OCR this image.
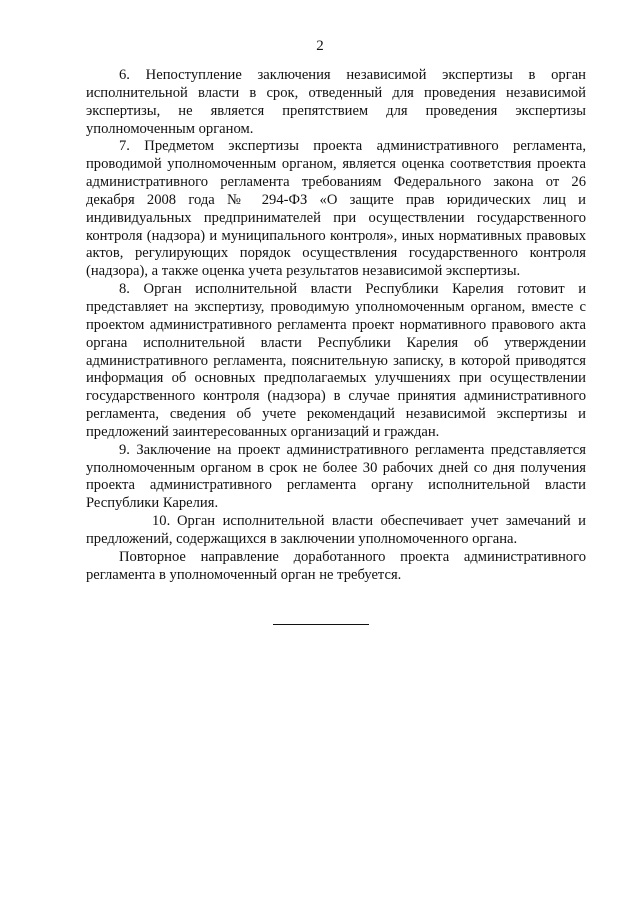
2

6. Непоступление заключения независимой экспертизы в орган исполнительной власти в срок, отведенный для проведения независимой экспертизы, не является препятствием для проведения экспертизы уполномоченным органом.

7. Предметом экспертизы проекта административного регламента, проводимой уполномоченным органом, является оценка соответствия проекта административного регламента требованиям Федерального закона от 26 декабря 2008 года № 294-ФЗ «О защите прав юридических лиц и индивидуальных предпринимателей при осуществлении государственного контроля (надзора) и муниципального контроля», иных нормативных правовых актов, регулирующих порядок осуществления государственного контроля (надзора), а также оценка учета результатов независимой экспертизы.

8. Орган исполнительной власти Республики Карелия готовит и представляет на экспертизу, проводимую уполномоченным органом, вместе с проектом административного регламента проект нормативного правового акта органа исполнительной власти Республики Карелия об утверждении административного регламента, пояснительную записку, в которой приводятся информация об основных предполагаемых улучшениях при осуществлении государственного контроля (надзора) в случае принятия административного регламента, сведения об учете рекомендаций независимой экспертизы и предложений заинтересованных организаций и граждан.

9. Заключение на проект административного регламента представляется уполномоченным органом в срок не более 30 рабочих дней со дня получения проекта административного регламента органу исполнительной власти Республики Карелия.

10. Орган исполнительной власти обеспечивает учет замечаний и предложений, содержащихся в заключении уполномоченного органа.

Повторное направление доработанного проекта административного регламента в уполномоченный орган не требуется.
